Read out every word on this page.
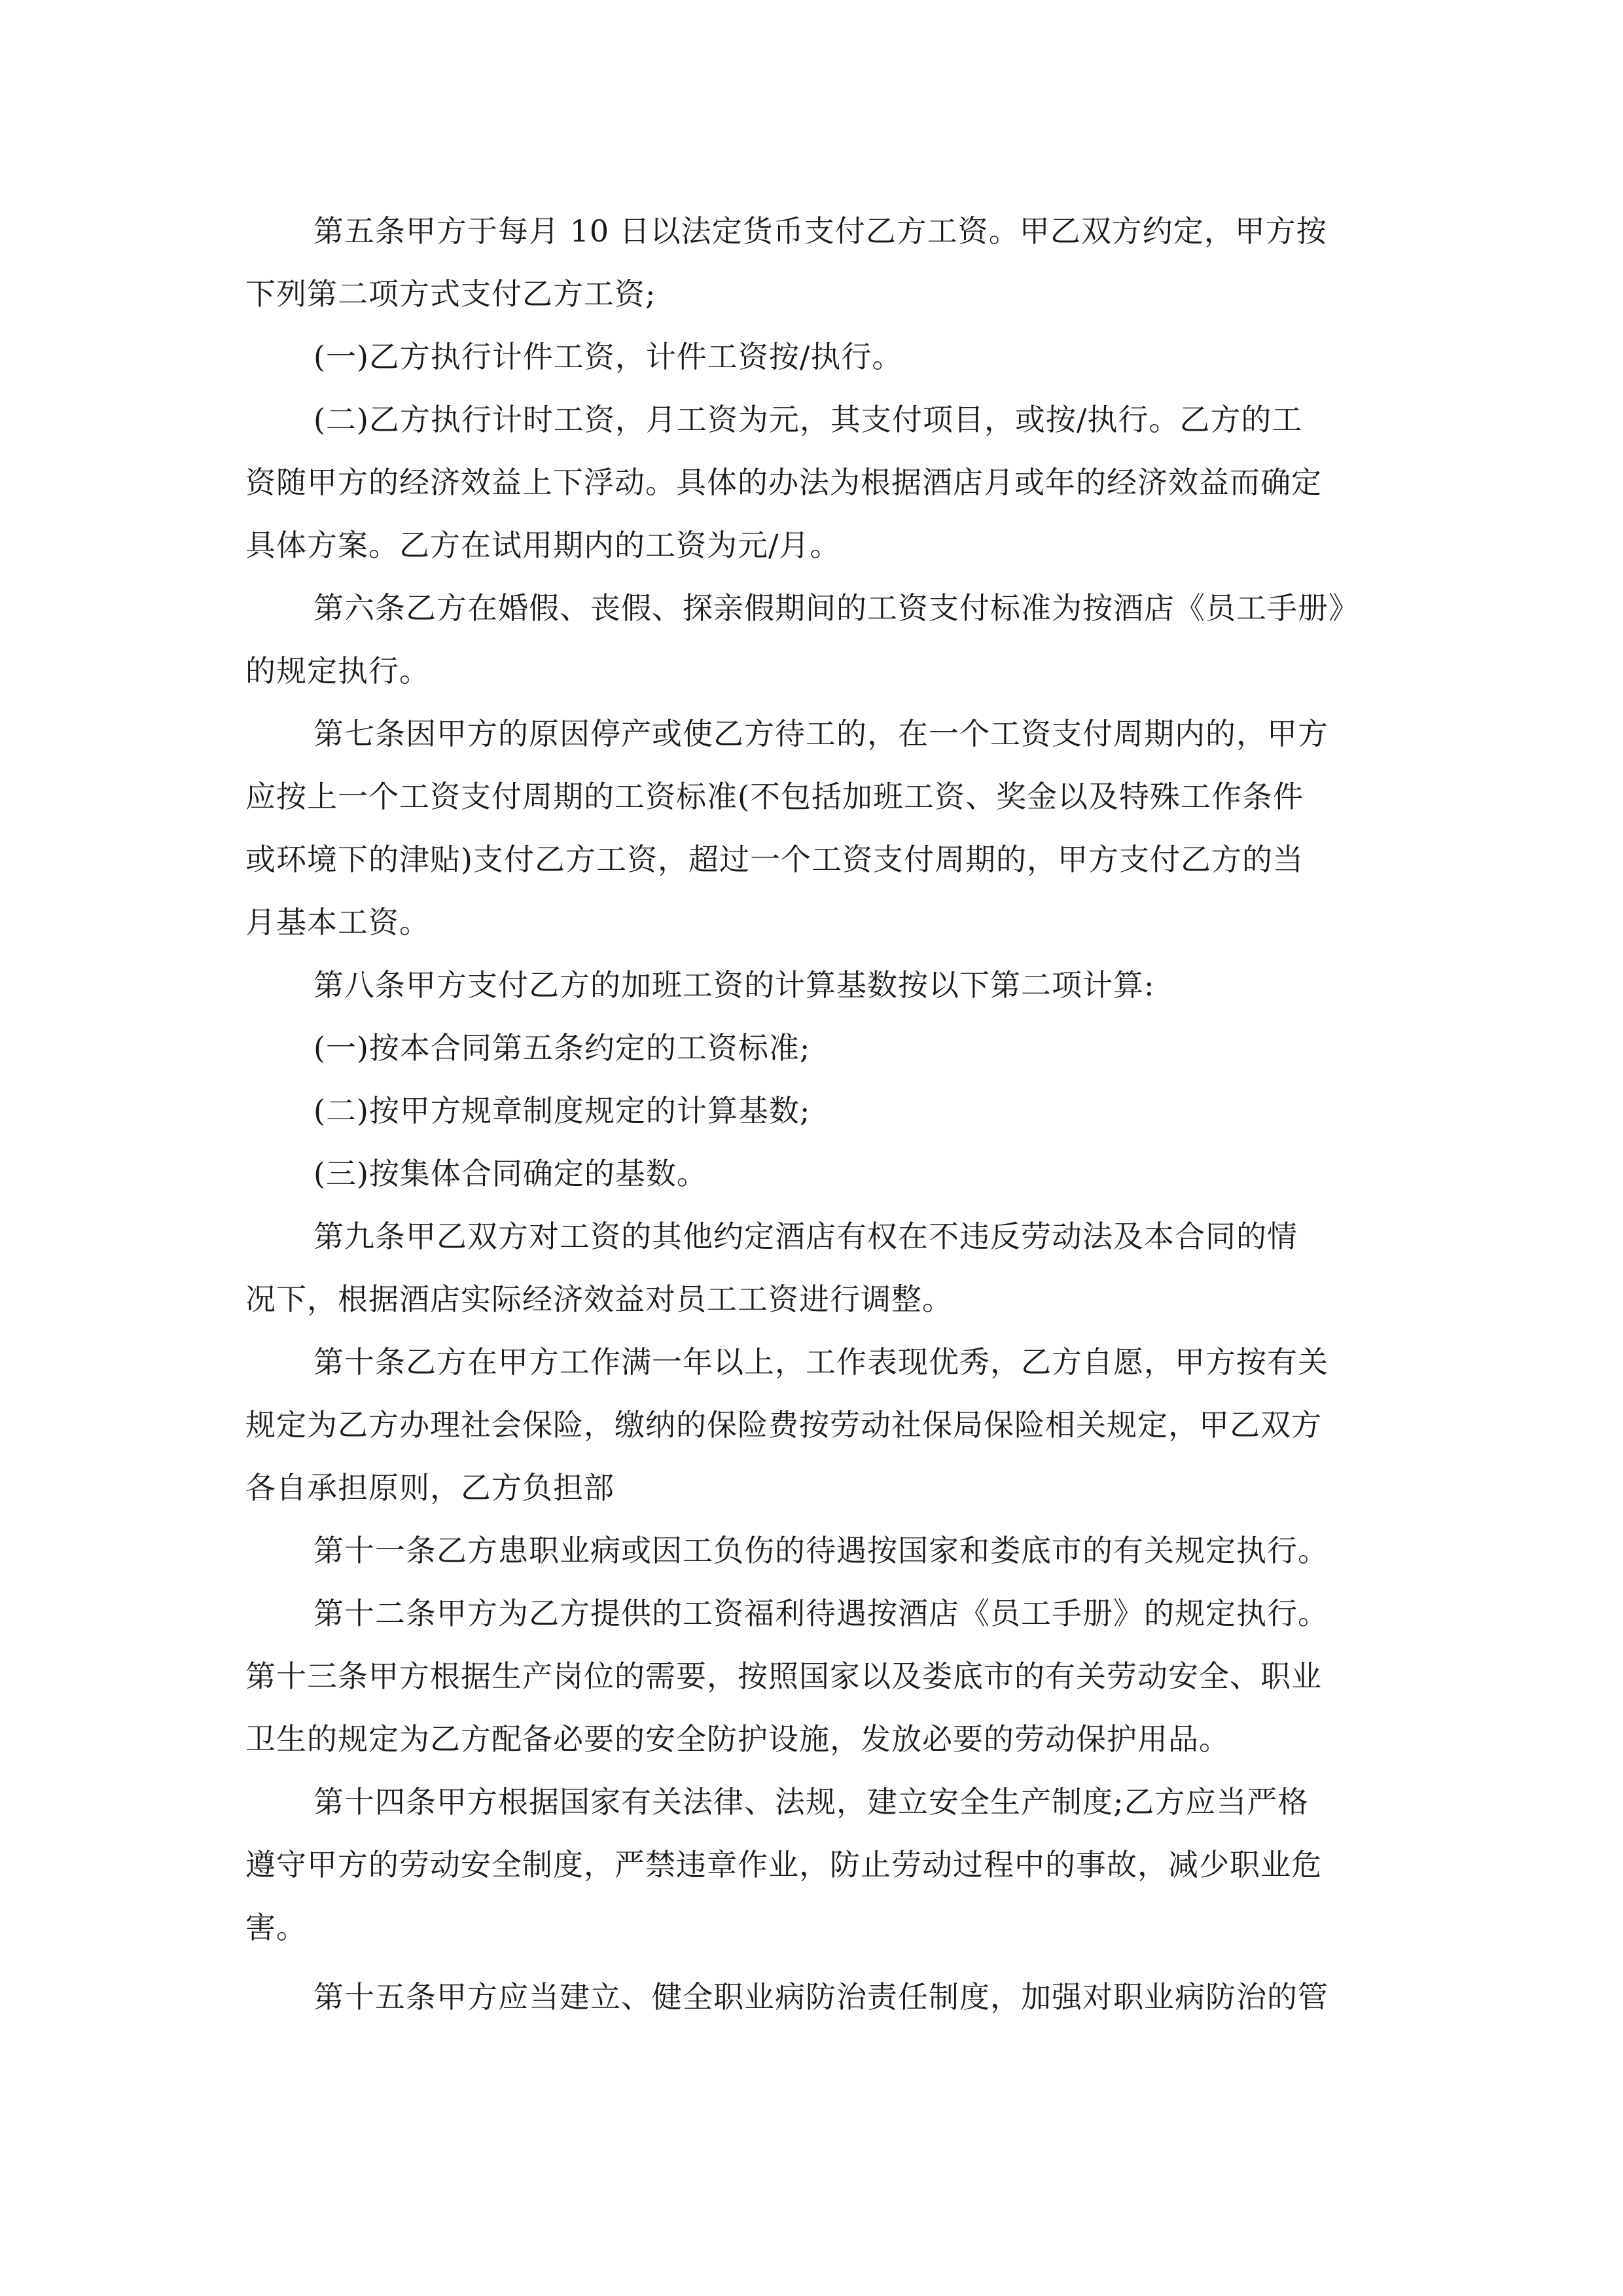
第五条甲方于每月 10 日以法定货币支付乙方工资。甲乙双方约定，甲方按
下列第二项方式支付乙方工资;
(一)乙方执行计件工资，计件工资按/执行。
(二)乙方执行计时工资，月工资为元，其支付项目，或按/执行。乙方的工
资随甲方的经济效益上下浮动。具体的办法为根据酒店月或年的经济效益而确定
具体方案。乙方在试用期内的工资为元/月。
第六条乙方在婚假、丧假、探亲假期间的工资支付标准为按酒店《员工手册》
的规定执行。
第七条因甲方的原因停产或使乙方待工的，在一个工资支付周期内的，甲方
应按上一个工资支付周期的工资标准(不包括加班工资、奖金以及特殊工作条件
或环境下的津贴)支付乙方工资，超过一个工资支付周期的，甲方支付乙方的当
月基本工资。
第八条甲方支付乙方的加班工资的计算基数按以下第二项计算:
(一)按本合同第五条约定的工资标准;
(二)按甲方规章制度规定的计算基数;
(三)按集体合同确定的基数。
第九条甲乙双方对工资的其他约定酒店有权在不违反劳动法及本合同的情
况下，根据酒店实际经济效益对员工工资进行调整。
第十条乙方在甲方工作满一年以上，工作表现优秀，乙方自愿，甲方按有关
规定为乙方办理社会保险，缴纳的保险费按劳动社保局保险相关规定，甲乙双方
各自承担原则，乙方负担部
第十一条乙方患职业病或因工负伤的待遇按国家和娄底市的有关规定执行。
第十二条甲方为乙方提供的工资福利待遇按酒店《员工手册》的规定执行。
第十三条甲方根据生产岗位的需要，按照国家以及娄底市的有关劳动安全、职业
卫生的规定为乙方配备必要的安全防护设施，发放必要的劳动保护用品。
第十四条甲方根据国家有关法律、法规，建立安全生产制度;乙方应当严格
遵守甲方的劳动安全制度，严禁违章作业，防止劳动过程中的事故，减少职业危
害。
第十五条甲方应当建立、健全职业病防治责任制度，加强对职业病防治的管
